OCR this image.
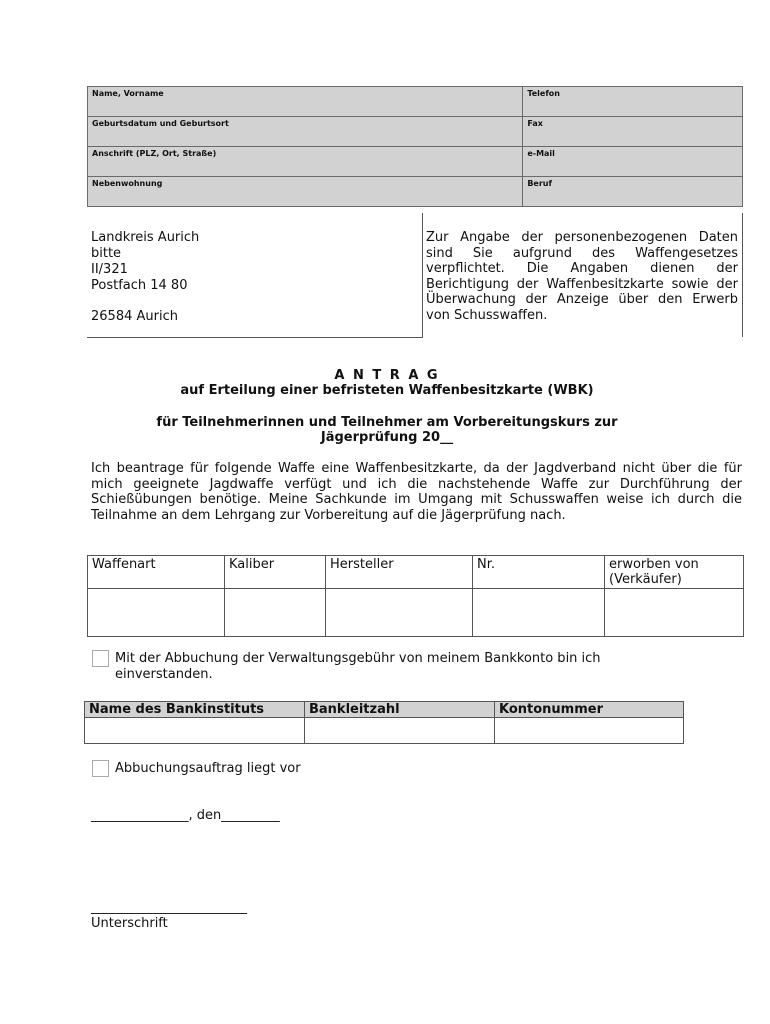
Name, Vorname	Telefon

Geburtsdatum und Geburtsort	Fax

Anschrift (PLZ, Ort, Straße)	e-Mail

Nebenwohnung	Beruf
Landkreis Aurich
bitte
II/321
Postfach 14 80
26584 Aurich
Zur Angabe der personenbezogenen Daten sind Sie aufgrund des Waffengesetzes verpflichtet. Die Angaben dienen der Berichtigung der Waffenbesitzkarte sowie der Überwachung der Anzeige über den Erwerb von Schusswaffen.
A N T R A G
auf Erteilung einer befristeten Waffenbesitzkarte (WBK)
für Teilnehmerinnen und Teilnehmer am Vorbereitungskurs zur
Jägerprüfung 20__
Ich beantrage für folgende Waffe eine Waffenbesitzkarte, da der Jagdverband nicht über die für mich geeignete Jagdwaffe verfügt und ich die nachstehende Waffe zur Durchführung der Schießübungen benötige. Meine Sachkunde im Umgang mit Schusswaffen weise ich durch die Teilnahme an dem Lehrgang zur Vorbereitung auf die Jägerprüfung nach.
Waffenart	Kaliber	Hersteller	Nr.	erworben von (Verkäufer)

Mit der Abbuchung der Verwaltungsgebühr von meinem Bankkonto bin ich einverstanden.
Name des Bankinstituts	Bankleitzahl	Kontonummer

Abbuchungsauftrag liegt vor
_______________, den_________
________________________
Unterschrift
